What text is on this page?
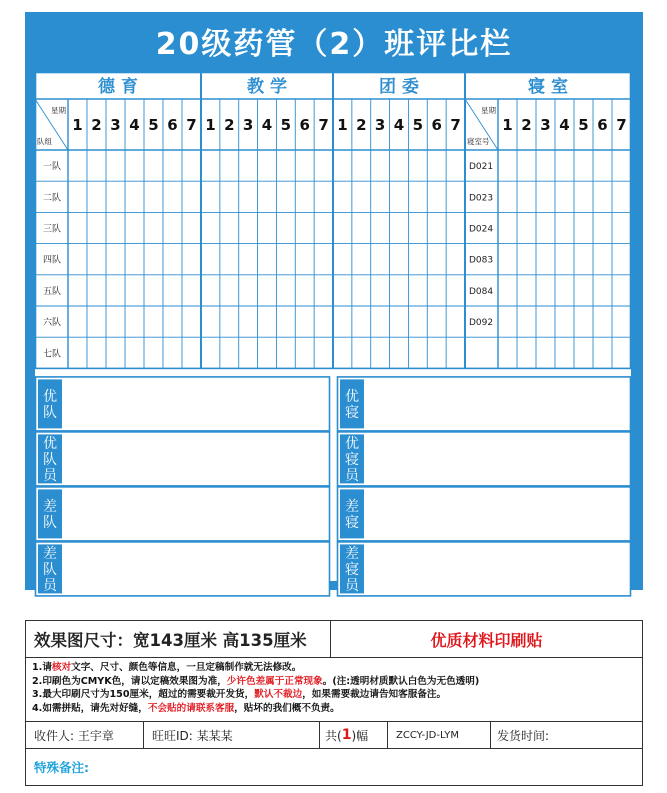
20级药管（2）班评比栏
德 育	教 学	团 委	寝 室
1 2 3 4 5 6 7 1 2 3 4 5 6 7 1 2 3 4 5 6 7	1 2 3 4 5 6 7
星期
队组
星期
寝室号
一队	D021
二队	D023
三队	D024
四队	D083
五队	D084
六队	D092
七队
优
队
优
队
员
差
队
差
队
员
优
寝
优
寝
员
差
寝
差
寝
员
效果图尺寸：宽143厘米 高135厘米	优质材料印刷贴
1.请核对文字、尺寸、颜色等信息，一旦定稿制作就无法修改。
2.印刷色为CMYK色，请以定稿效果图为准，少许色差属于正常现象。(注:透明材质默认白色为无色透明)
3.最大印刷尺寸为150厘米，超过的需要裁开发货，默认不裁边，如果需要裁边请告知客服备注。
4.如需拼贴，请先对好缝，不会贴的请联系客服，贴坏的我们概不负责。
收件人: 王宇章	旺旺ID: 某某某	共( 1 )幅	ZCCY-JD-LYM	发货时间:
特殊备注:
